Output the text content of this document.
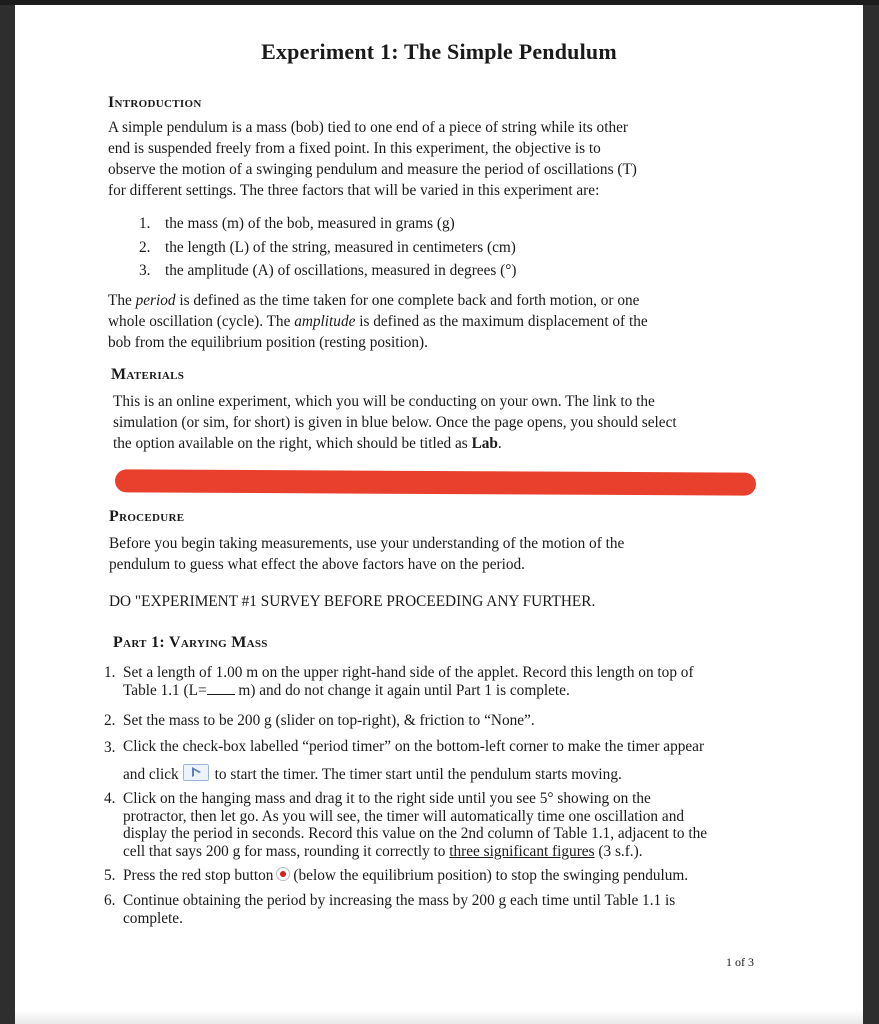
Experiment 1: The Simple Pendulum
Introduction
A simple pendulum is a mass (bob) tied to one end of a piece of string while its other
end is suspended freely from a fixed point. In this experiment, the objective is to
observe the motion of a swinging pendulum and measure the period of oscillations (T)
for different settings. The three factors that will be varied in this experiment are:
1. the mass (m) of the bob, measured in grams (g)
2. the length (L) of the string, measured in centimeters (cm)
3. the amplitude (A) of oscillations, measured in degrees (°)
The period is defined as the time taken for one complete back and forth motion, or one
whole oscillation (cycle). The amplitude is defined as the maximum displacement of the
bob from the equilibrium position (resting position).
Materials
This is an online experiment, which you will be conducting on your own. The link to the
simulation (or sim, for short) is given in blue below. Once the page opens, you should select
the option available on the right, which should be titled as Lab.
Procedure
Before you begin taking measurements, use your understanding of the motion of the
pendulum to guess what effect the above factors have on the period.
DO "EXPERIMENT #1 SURVEY BEFORE PROCEEDING ANY FURTHER.
Part 1: Varying Mass
1. Set a length of 1.00 m on the upper right-hand side of the applet. Record this length on top of
Table 1.1 (L= m) and do not change it again until Part 1 is complete.
2. Set the mass to be 200 g (slider on top-right), & friction to “None”.
3. Click the check-box labelled “period timer” on the bottom-left corner to make the timer appear
and click to start the timer. The timer start until the pendulum starts moving.
4. Click on the hanging mass and drag it to the right side until you see 5° showing on the
protractor, then let go. As you will see, the timer will automatically time one oscillation and
display the period in seconds. Record this value on the 2nd column of Table 1.1, adjacent to the
cell that says 200 g for mass, rounding it correctly to three significant figures (3 s.f.).
5. Press the red stop button (below the equilibrium position) to stop the swinging pendulum.
6. Continue obtaining the period by increasing the mass by 200 g each time until Table 1.1 is
complete.
1 of 3
